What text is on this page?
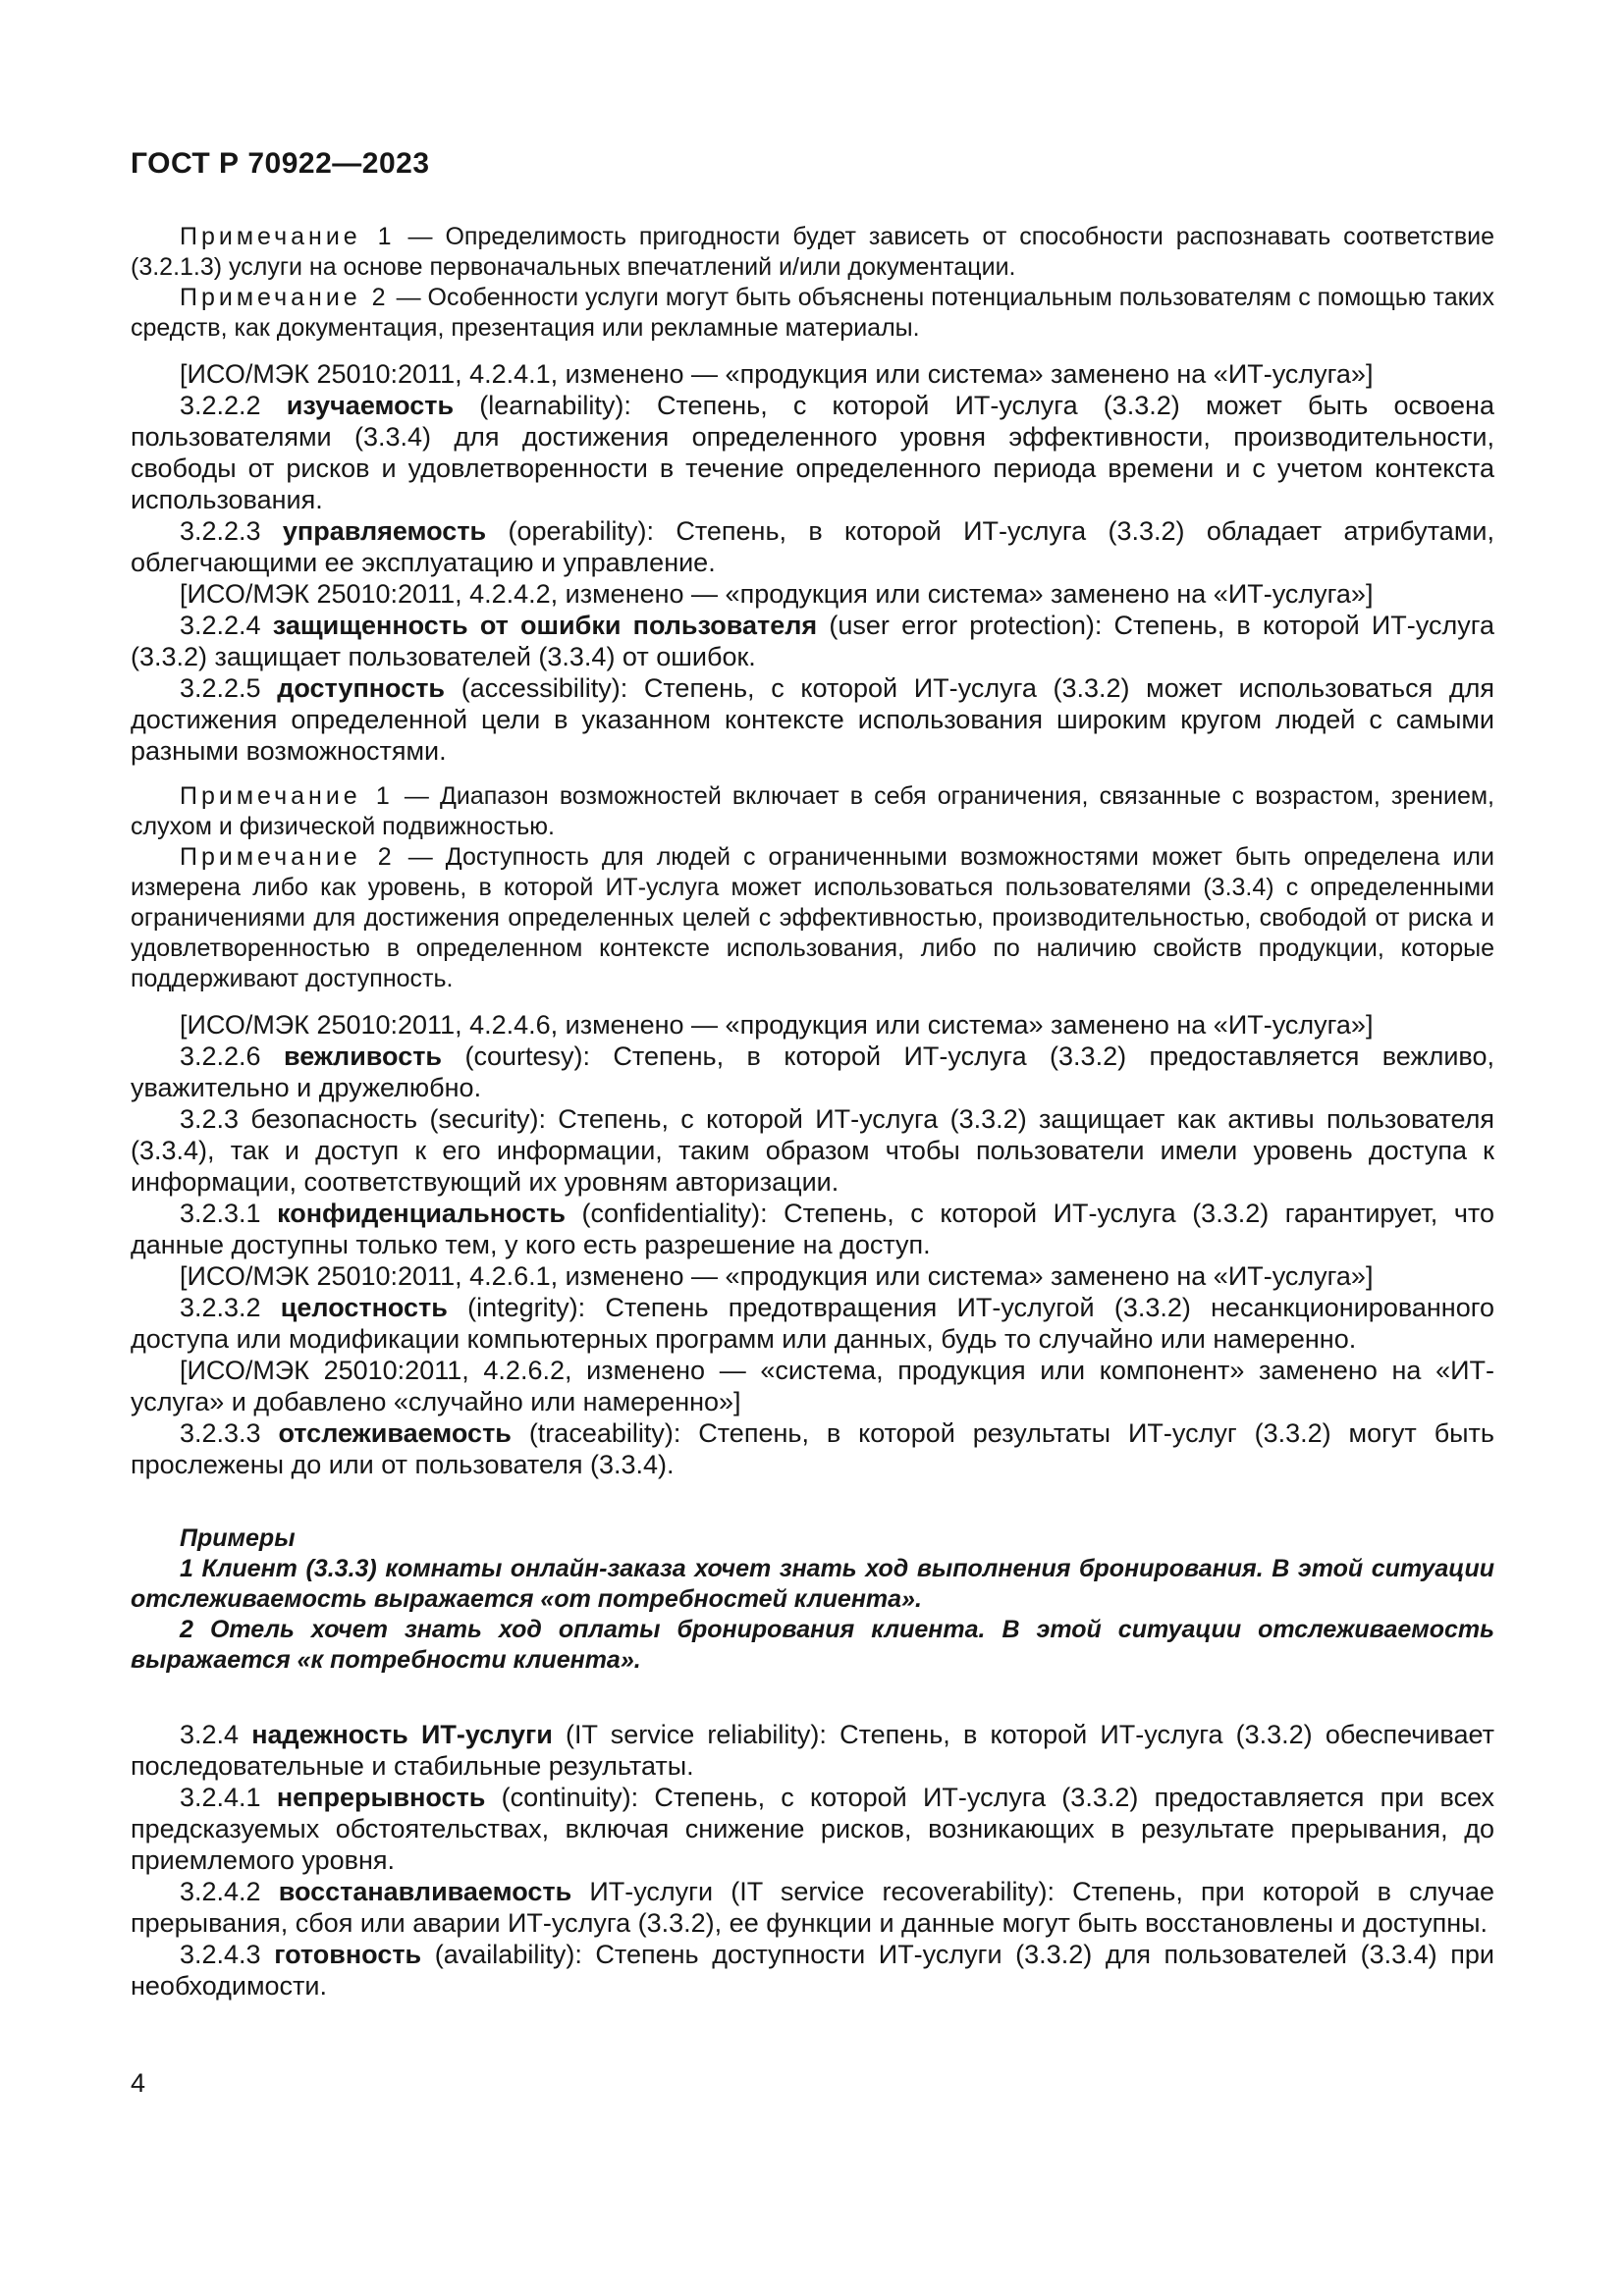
ГОСТ Р 70922—2023

Примечание 1 — Определимость пригодности будет зависеть от способности распознавать соответствие (3.2.1.3) услуги на основе первоначальных впечатлений и/или документации.

Примечание 2 — Особенности услуги могут быть объяснены потенциальным пользователям с помощью таких средств, как документация, презентация или рекламные материалы.

[ИСО/МЭК 25010:2011, 4.2.4.1, изменено — «продукция или система» заменено на «ИТ-услуга»]

3.2.2.2 изучаемость (learnability): Степень, с которой ИТ-услуга (3.3.2) может быть освоена пользователями (3.3.4) для достижения определенного уровня эффективности, производительности, свободы от рисков и удовлетворенности в течение определенного периода времени и с учетом контекста использования.

3.2.2.3 управляемость (operability): Степень, в которой ИТ-услуга (3.3.2) обладает атрибутами, облегчающими ее эксплуатацию и управление.

[ИСО/МЭК 25010:2011, 4.2.4.2, изменено — «продукция или система» заменено на «ИТ-услуга»]

3.2.2.4 защищенность от ошибки пользователя (user error protection): Степень, в которой ИТ-услуга (3.3.2) защищает пользователей (3.3.4) от ошибок.

3.2.2.5 доступность (accessibility): Степень, с которой ИТ-услуга (3.3.2) может использоваться для достижения определенной цели в указанном контексте использования широким кругом людей с самыми разными возможностями.

Примечание 1 — Диапазон возможностей включает в себя ограничения, связанные с возрастом, зрением, слухом и физической подвижностью.

Примечание 2 — Доступность для людей с ограниченными возможностями может быть определена или измерена либо как уровень, в которой ИТ-услуга может использоваться пользователями (3.3.4) с определенными ограничениями для достижения определенных целей с эффективностью, производительностью, свободой от риска и удовлетворенностью в определенном контексте использования, либо по наличию свойств продукции, которые поддерживают доступность.

[ИСО/МЭК 25010:2011, 4.2.4.6, изменено — «продукция или система» заменено на «ИТ-услуга»]

3.2.2.6 вежливость (courtesy): Степень, в которой ИТ-услуга (3.3.2) предоставляется вежливо, уважительно и дружелюбно.

3.2.3 безопасность (security): Степень, с которой ИТ-услуга (3.3.2) защищает как активы пользователя (3.3.4), так и доступ к его информации, таким образом чтобы пользователи имели уровень доступа к информации, соответствующий их уровням авторизации.

3.2.3.1 конфиденциальность (confidentiality): Степень, с которой ИТ-услуга (3.3.2) гарантирует, что данные доступны только тем, у кого есть разрешение на доступ.

[ИСО/МЭК 25010:2011, 4.2.6.1, изменено — «продукция или система» заменено на «ИТ-услуга»]

3.2.3.2 целостность (integrity): Степень предотвращения ИТ-услугой (3.3.2) несанкционированного доступа или модификации компьютерных программ или данных, будь то случайно или намеренно.

[ИСО/МЭК 25010:2011, 4.2.6.2, изменено — «система, продукция или компонент» заменено на «ИТ-услуга» и добавлено «случайно или намеренно»]

3.2.3.3 отслеживаемость (traceability): Степень, в которой результаты ИТ-услуг (3.3.2) могут быть прослежены до или от пользователя (3.3.4).

Примеры

1 Клиент (3.3.3) комнаты онлайн-заказа хочет знать ход выполнения бронирования. В этой ситуации отслеживаемость выражается «от потребностей клиента».

2 Отель хочет знать ход оплаты бронирования клиента. В этой ситуации отслеживаемость выражается «к потребности клиента».

3.2.4 надежность ИТ-услуги (IT service reliability): Степень, в которой ИТ-услуга (3.3.2) обеспечивает последовательные и стабильные результаты.

3.2.4.1 непрерывность (continuity): Степень, с которой ИТ-услуга (3.3.2) предоставляется при всех предсказуемых обстоятельствах, включая снижение рисков, возникающих в результате прерывания, до приемлемого уровня.

3.2.4.2 восстанавливаемость ИТ-услуги (IT service recoverability): Степень, при которой в случае прерывания, сбоя или аварии ИТ-услуга (3.3.2), ее функции и данные могут быть восстановлены и доступны.

3.2.4.3 готовность (availability): Степень доступности ИТ-услуги (3.3.2) для пользователей (3.3.4) при необходимости.

4
